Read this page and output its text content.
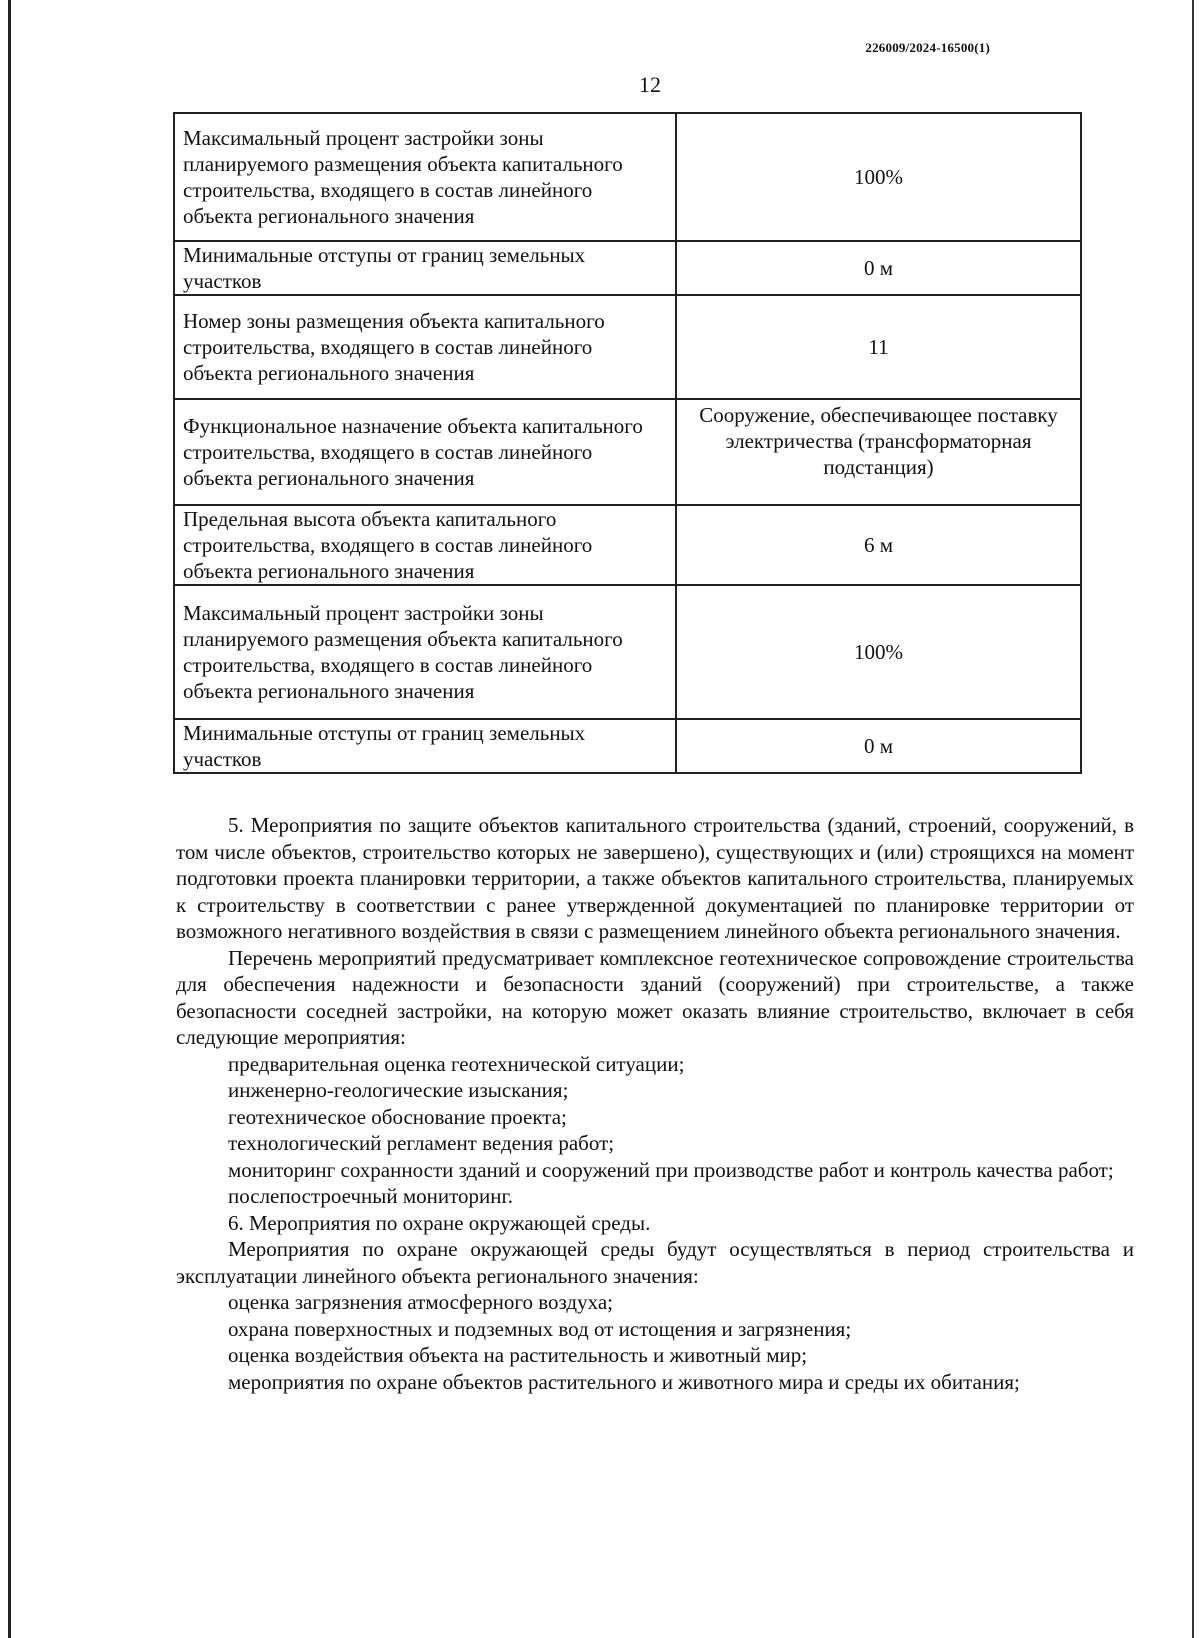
226009/2024-16500(1)
12
Максимальный процент застройки зоны планируемого размещения объекта капитального строительства, входящего в состав линейного объекта регионального значения	100%
Минимальные отступы от границ земельных участков	0 м
Номер зоны размещения объекта капитального строительства, входящего в состав линейного объекта регионального значения	11
Функциональное назначение объекта капитального строительства, входящего в состав линейного объекта регионального значения	Сооружение, обеспечивающее поставку электричества (трансформаторная подстанция)
Предельная высота объекта капитального строительства, входящего в состав линейного объекта регионального значения	6 м
Максимальный процент застройки зоны планируемого размещения объекта капитального строительства, входящего в состав линейного объекта регионального значения	100%
Минимальные отступы от границ земельных участков	0 м

5. Мероприятия по защите объектов капитального строительства (зданий, строений, сооружений, в том числе объектов, строительство которых не завершено), существующих и (или) строящихся на момент подготовки проекта планировки территории, а также объектов капитального строительства, планируемых к строительству в соответствии с ранее утвержденной документацией по планировке территории от возможного негативного воздействия в связи с размещением линейного объекта регионального значения.

Перечень мероприятий предусматривает комплексное геотехническое сопровождение строительства для обеспечения надежности и безопасности зданий (сооружений) при строительстве, а также безопасности соседней застройки, на которую может оказать влияние строительство, включает в себя следующие мероприятия:

предварительная оценка геотехнической ситуации;

инженерно-геологические изыскания;

геотехническое обоснование проекта;

технологический регламент ведения работ;

мониторинг сохранности зданий и сооружений при производстве работ и контроль качества работ;

послепостроечный мониторинг.

6. Мероприятия по охране окружающей среды.

Мероприятия по охране окружающей среды будут осуществляться в период строительства и эксплуатации линейного объекта регионального значения:

оценка загрязнения атмосферного воздуха;

охрана поверхностных и подземных вод от истощения и загрязнения;

оценка воздействия объекта на растительность и животный мир;

мероприятия по охране объектов растительного и животного мира и среды их обитания;
